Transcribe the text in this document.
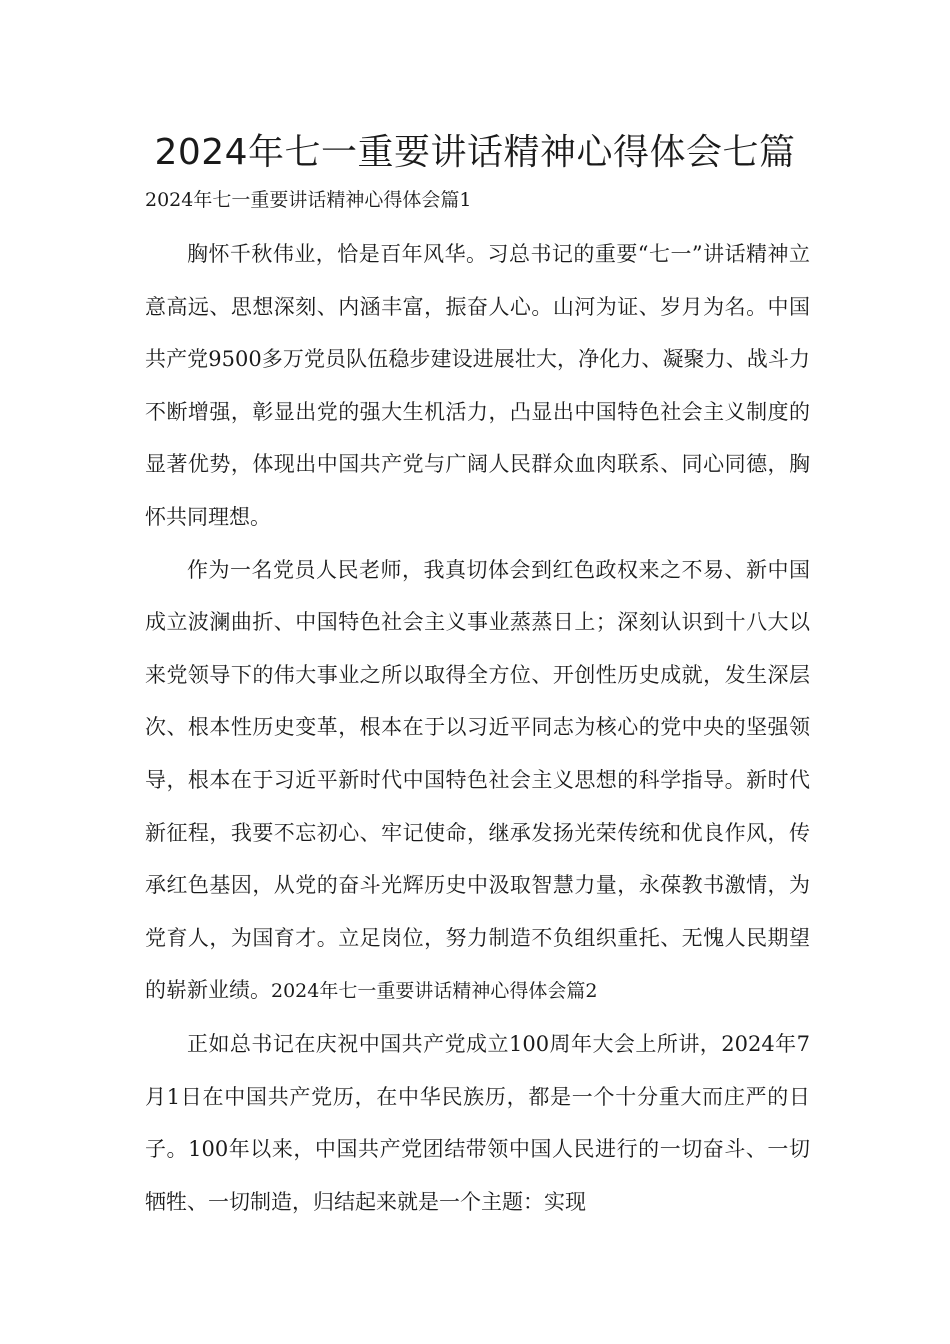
2024年七一重要讲话精神心得体会七篇

2024年七一重要讲话精神心得体会篇1

胸怀千秋伟业，恰是百年风华。习总书记的重要“七一”讲话精神立意高远、思想深刻、内涵丰富，振奋人心。山河为证、岁月为名。中国共产党9500多万党员队伍稳步建设进展壮大，净化力、凝聚力、战斗力不断增强，彰显出党的强大生机活力，凸显出中国特色社会主义制度的显著优势，体现出中国共产党与广阔人民群众血肉联系、同心同德，胸怀共同理想。

作为一名党员人民老师，我真切体会到红色政权来之不易、新中国成立波澜曲折、中国特色社会主义事业蒸蒸日上；深刻认识到十八大以来党领导下的伟大事业之所以取得全方位、开创性历史成就，发生深层次、根本性历史变革，根本在于以习近平同志为核心的党中央的坚强领导，根本在于习近平新时代中国特色社会主义思想的科学指导。新时代新征程，我要不忘初心、牢记使命，继承发扬光荣传统和优良作风，传承红色基因，从党的奋斗光辉历史中汲取智慧力量，永葆教书激情，为党育人，为国育才。立足岗位，努力制造不负组织重托、无愧人民期望的崭新业绩。2024年七一重要讲话精神心得体会篇2

正如总书记在庆祝中国共产党成立100周年大会上所讲，2024年7月1日在中国共产党历，在中华民族历，都是一个十分重大而庄严的日子。100年以来，中国共产党团结带领中国人民进行的一切奋斗、一切牺牲、一切制造，归结起来就是一个主题：实现
